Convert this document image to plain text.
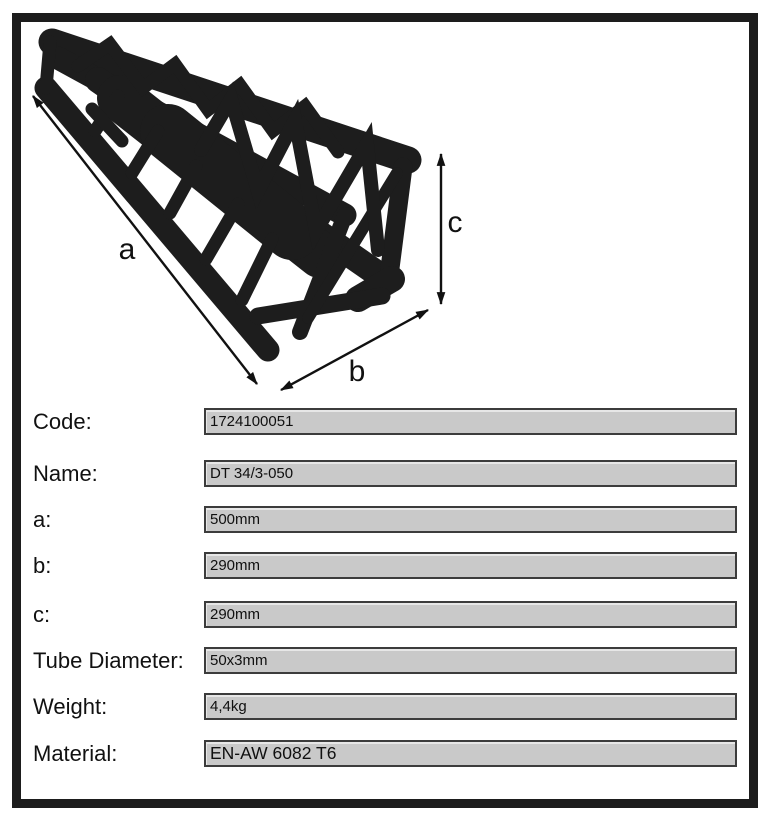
a
b
c
Code:	1724100051
Name:	DT 34/3-050
a:	500mm
b:	290mm
c:	290mm
Tube Diameter: 50x3mm
Weight:	4,4kg
Material:	EN-AW 6082 T6
